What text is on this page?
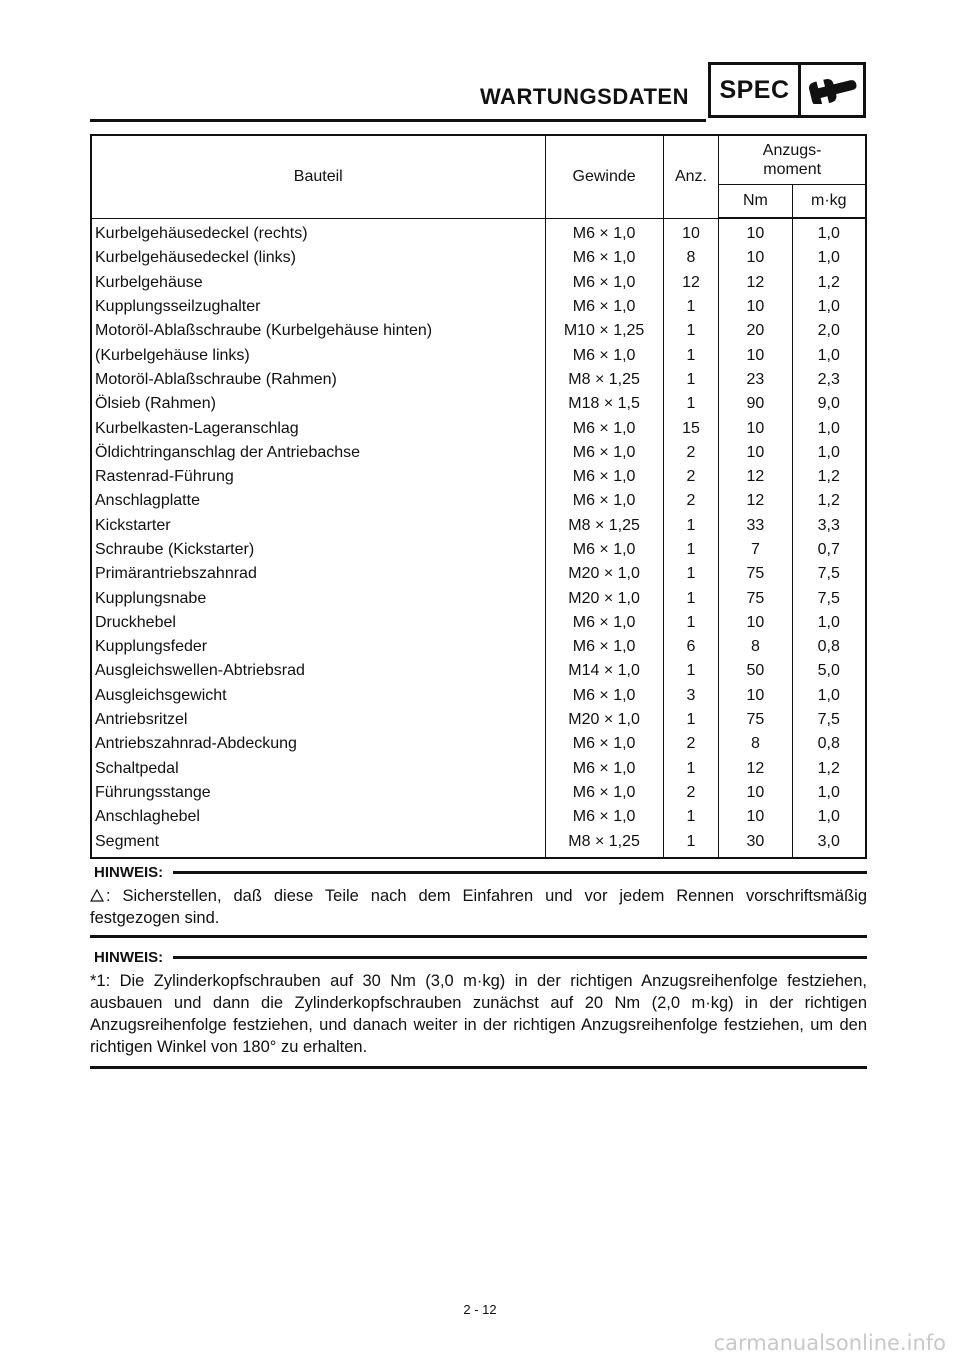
WARTUNGSDATEN	SPEC
Bauteil	Gewinde	Anz.	Anzugs-
moment	
			Nm	m·kg
Kurbelgehäusedeckel (rechts)	M6 × 1,0	10	10	1,0
Kurbelgehäusedeckel (links)	M6 × 1,0	8	10	1,0
Kurbelgehäuse	M6 × 1,0	12	12	1,2
Kupplungsseilzughalter	M6 × 1,0	1	10	1,0
Motoröl-Ablaßschraube (Kurbelgehäuse hinten)	M10 × 1,25	1	20	2,0
(Kurbelgehäuse links)	M6 × 1,0	1	10	1,0
Motoröl-Ablaßschraube (Rahmen)	M8 × 1,25	1	23	2,3
Ölsieb (Rahmen)	M18 × 1,5	1	90	9,0
Kurbelkasten-Lageranschlag	M6 × 1,0	15	10	1,0
Öldichtringanschlag der Antriebachse	M6 × 1,0	2	10	1,0
Rastenrad-Führung	M6 × 1,0	2	12	1,2
Anschlagplatte	M6 × 1,0	2	12	1,2
Kickstarter	M8 × 1,25	1	33	3,3
Schraube (Kickstarter)	M6 × 1,0	1	7	0,7
Primärantriebszahnrad	M20 × 1,0	1	75	7,5
Kupplungsnabe	M20 × 1,0	1	75	7,5
Druckhebel	M6 × 1,0	1	10	1,0
Kupplungsfeder	M6 × 1,0	6	8	0,8
Ausgleichswellen-Abtriebsrad	M14 × 1,0	1	50	5,0
Ausgleichsgewicht	M6 × 1,0	3	10	1,0
Antriebsritzel	M20 × 1,0	1	75	7,5
Antriebszahnrad-Abdeckung	M6 × 1,0	2	8	0,8
Schaltpedal	M6 × 1,0	1	12	1,2
Führungsstange	M6 × 1,0	2	10	1,0
Anschlaghebel	M6 × 1,0	1	10	1,0
Segment	M8 × 1,25	1	30	3,0
HINWEIS:
: Sicherstellen, daß diese Teile nach dem Einfahren und vor jedem Rennen vorschriftsmäßig festgezogen sind.
HINWEIS:
*1: Die Zylinderkopfschrauben auf 30 Nm (3,0 m·kg) in der richtigen Anzugsreihenfolge festziehen, ausbauen und dann die Zylinderkopfschrauben zunächst auf 20 Nm (2,0 m·kg) in der richtigen Anzugsreihenfolge festziehen, und danach weiter in der richtigen Anzugsreihenfolge festziehen, um den richtigen Winkel von 180° zu erhalten.
2 - 12
carmanualsonline.info
